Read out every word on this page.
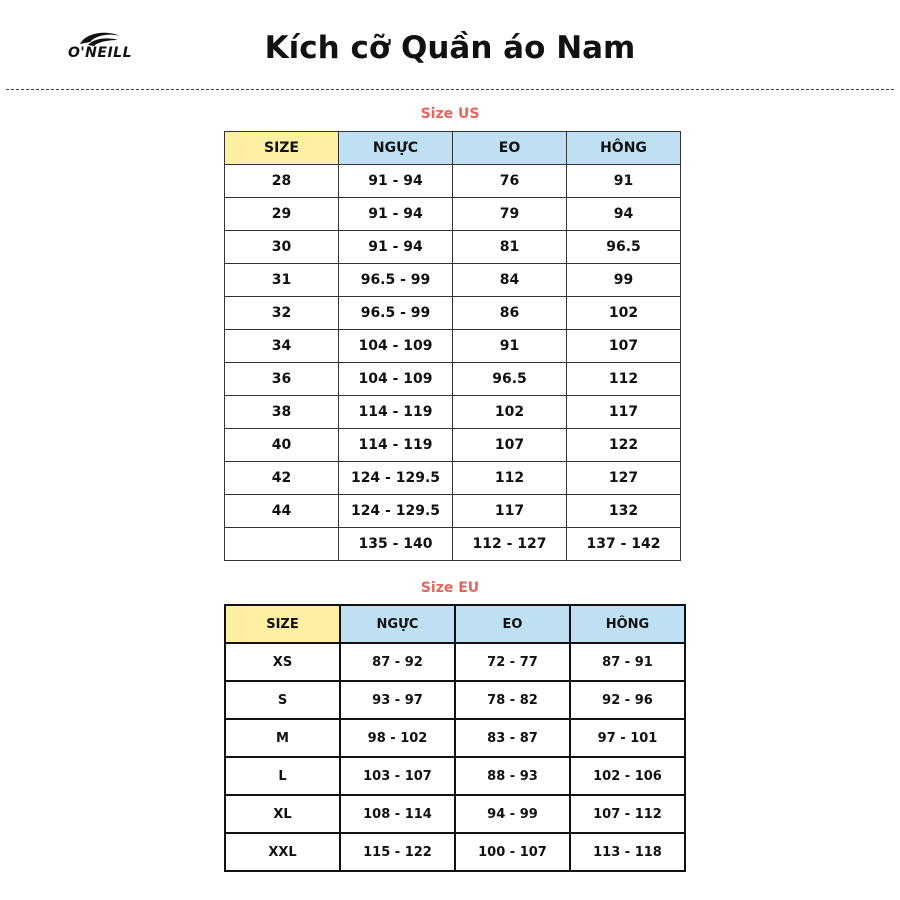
O'NEILL	Kích cỡ Quần áo Nam
Size US
SIZE	NGỰC	EO	HÔNG
28	91 - 94	76	91
29	91 - 94	79	94
30	91 - 94	81	96.5
31	96.5 - 99	84	99
32	96.5 - 99	86	102
34	104 - 109	91	107
36	104 - 109	96.5	112
38	114 - 119	102	117
40	114 - 119	107	122
42	124 - 129.5	112	127
44	124 - 129.5	117	132
	135 - 140	112 - 127	137 - 142
Size EU
SIZE	NGỰC	EO	HÔNG
XS	87 - 92	72 - 77	87 - 91
S	93 - 97	78 - 82	92 - 96
M	98 - 102	83 - 87	97 - 101
L	103 - 107	88 - 93	102 - 106
XL	108 - 114	94 - 99	107 - 112
XXL	115 - 122	100 - 107	113 - 118
